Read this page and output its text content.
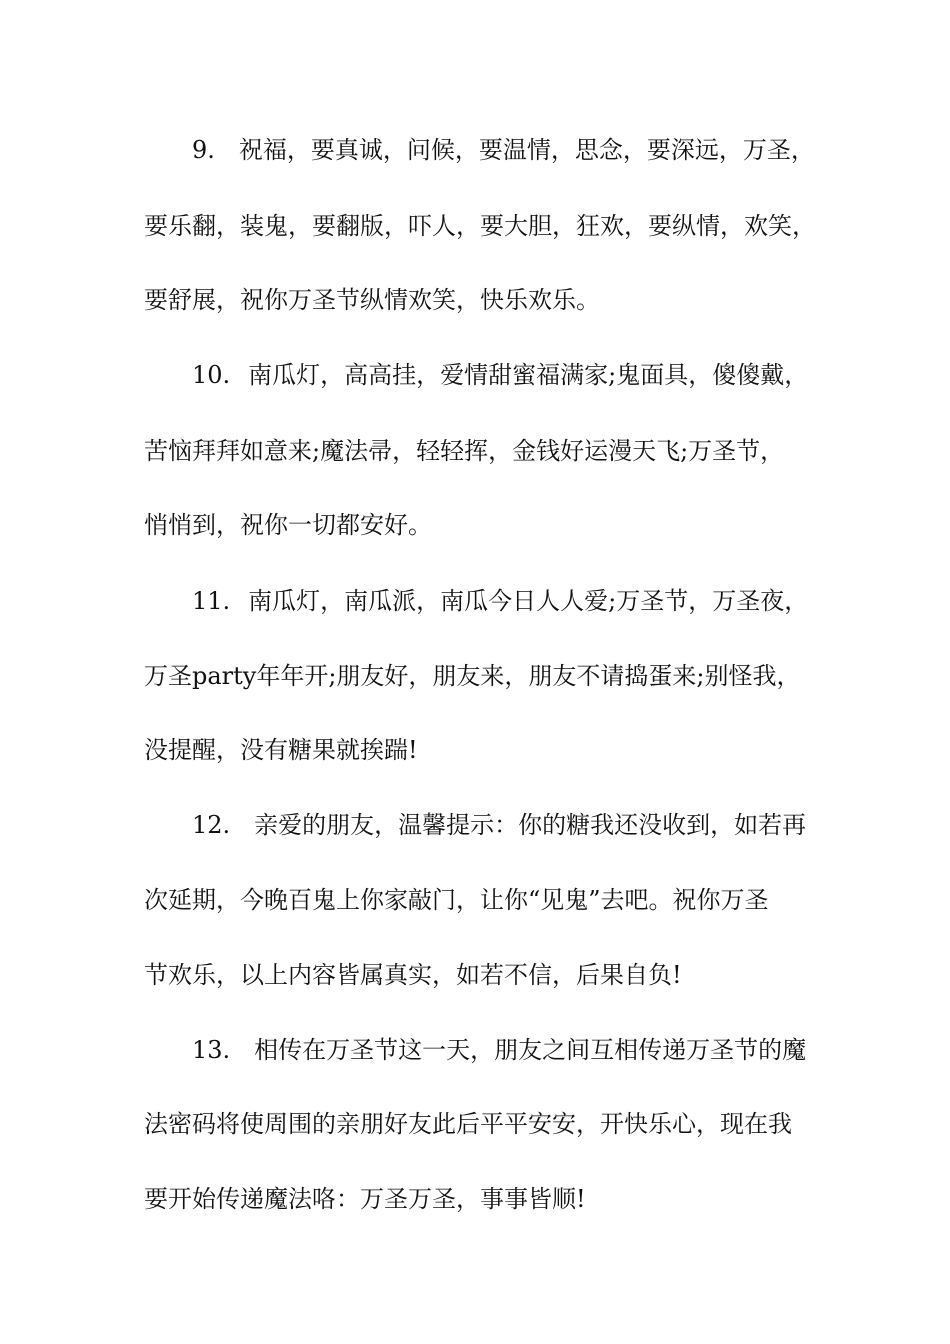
9. 祝福，要真诚，问候，要温情，思念，要深远，万圣，

要乐翻，装鬼，要翻版，吓人，要大胆，狂欢，要纵情，欢笑，

要舒展，祝你万圣节纵情欢笑，快乐欢乐。

10. 南瓜灯，高高挂，爱情甜蜜福满家;鬼面具，傻傻戴，

苦恼拜拜如意来;魔法帚，轻轻挥，金钱好运漫天飞;万圣节，

悄悄到，祝你一切都安好。

11. 南瓜灯，南瓜派，南瓜今日人人爱;万圣节，万圣夜，

万圣party年年开;朋友好，朋友来，朋友不请捣蛋来;别怪我，

没提醒，没有糖果就挨踹!

12. 亲爱的朋友，温馨提示：你的糖我还没收到，如若再

次延期，今晚百鬼上你家敲门，让你“见鬼”去吧。祝你万圣

节欢乐，以上内容皆属真实，如若不信，后果自负!

13. 相传在万圣节这一天，朋友之间互相传递万圣节的魔

法密码将使周围的亲朋好友此后平平安安，开快乐心，现在我

要开始传递魔法咯：万圣万圣，事事皆顺!
